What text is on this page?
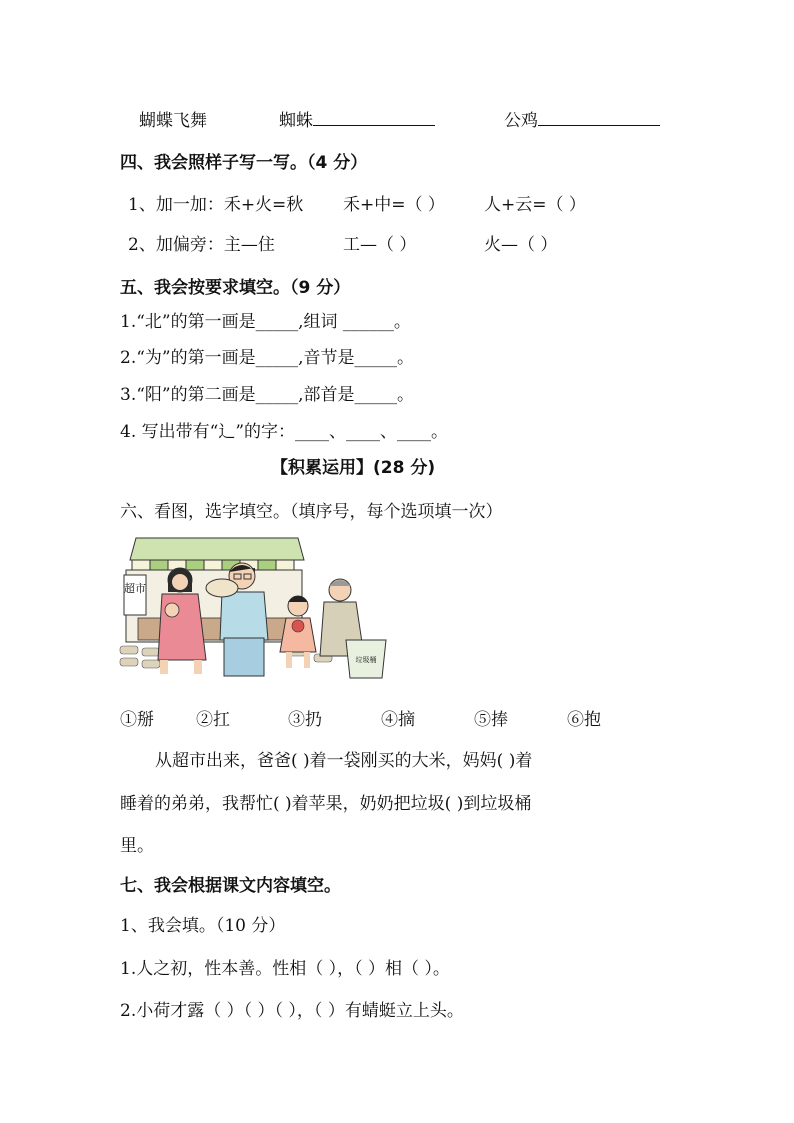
蝴蝶飞舞	蜘蛛	公鸡
四、我会照样子写一写。（4 分）
1、加一加：禾+火=秋 禾+中=（ ） 人+云=（ ）
2、加偏旁：主—住	工—（ ）	火—（ ）
五、我会按要求填空。（9 分）
1.“北”的第一画是_____,组词 ______。
2.“为”的第一画是_____,音节是_____。
3.“阳”的第二画是_____,部首是_____。
4. 写出带有“辶”的字：____、____、____。
【积累运用】(28 分)
六、看图，选字填空。（填序号，每个选项填一次）
超市
垃圾桶
①掰 ②扛	③扔	④摘	⑤捧	⑥抱
从超市出来，爸爸( )着一袋刚买的大米，妈妈( )着
睡着的弟弟，我帮忙( )着苹果，奶奶把垃圾( )到垃圾桶
里。
七、我会根据课文内容填空。
1、我会填。（10 分）
1.人之初，性本善。性相（ ），（ ）相（ ）。
2.小荷才露（ ）（ ）（ ），（ ）有蜻蜓立上头。
